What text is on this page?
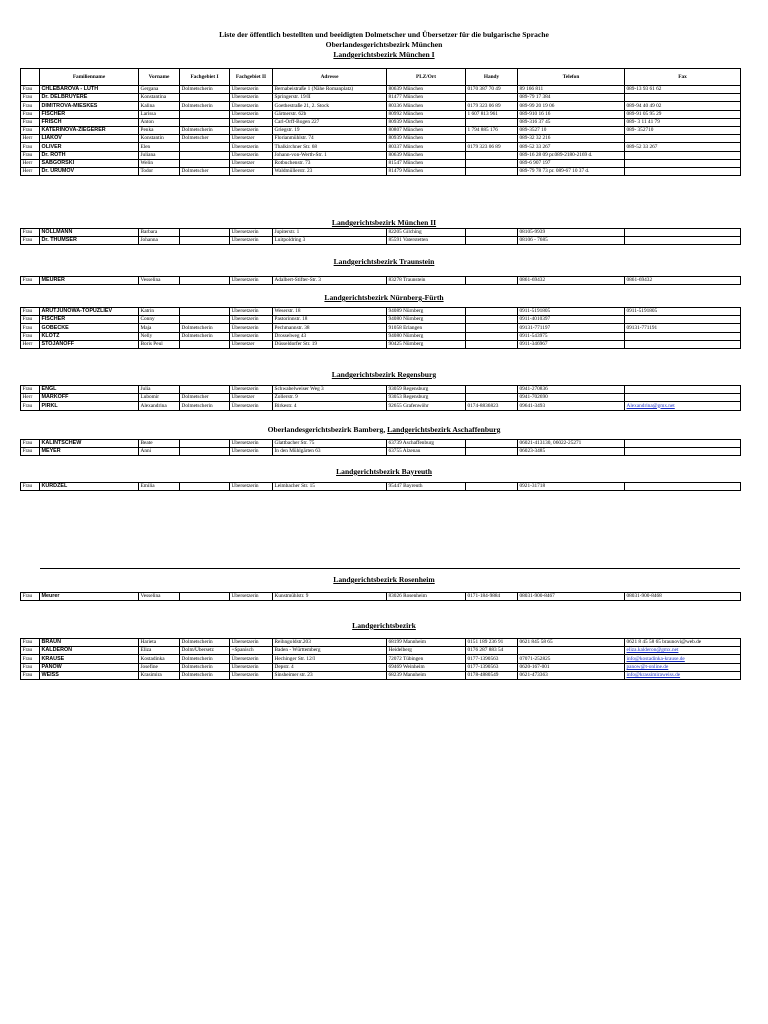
Liste der öffentlich bestellten und beeidigten Dolmetscher und Übersetzer für die bulgarische Sprache
Oberlandesgerichtsbezirk München
Landgerichtsbezirk München I
	Familienname	Vorname	Fachgebiet I	Fachgebiet II	Adresse	PLZ/Ort	Handy	Telefon	Fax
Frau	CHLEBAROVA - LUTH	Gergana	Dolmetscherin	Übersetzerin	Bernabeistraße 1 (Nähe Romanplatz)	80639 München	0170 387 70 49	89 166 811	089-13 93 61 62
Frau	Dr. DELBRUYERE	Konstantina		Übersetzerin	Springerstr. 19/II	81477 München		089-79 17 384	
Frau	DIMITROVA-MIESKES	Kalina	Dolmetscherin	Übersetzerin	Goethestraße 21, 2. Stock	80336 München	0179 323 06 89	089-99 20 19 06	089-94 40 49 02
Frau	FISCHER	Larissa		Übersetzerin	Gärtnerstr. 62b	80992 München	1 607 813 961	089-910 16 16	089-91 05 95 29
Frau	FRISCH	Anton		Übersetzer	Carl-Orff-Bogen 227	80939 München		089-316 37 45	089- 3 11 41 79
Frau	KATERINOVA-ZIEGERER	Penka	Dolmetscherin	Übersetzerin	Griegstr. 19	80807 München	1 794 885 176	089-3527 10	089- 352710
Herr	LIAKOV	Konstantin	Dolmetscher	Übersetzer	Florianmühlstr. 74	80939 München		089-32 32 216	
Frau	OLIVER	Elen		Übersetzerin	Thalkirchner Str. 68	80337 München	0179 323 06 89	089-52 33 267	089-52 33 267
Frau	Dr. ROTH	Juliana		Übersetzerin	Johann-von-Werth-Str. 1	80639 München		089-16 28 09 pr.089-2180-2169 d.	
Herr	SABGORSKI	Welin		Übersetzer	Rotbuchenstr. 73	81547 München		089-6 907 197	
Herr	Dr. URUMOV	Todor	Dolmetscher	Übersetzer	Waldmüllerstr. 23	81479 München		089-79 78 73 pr. 089-67 10 37 d.	
Landgerichtsbezirk München II
Frau	NOLLMANN	Barbara		Übersetzerin	Jupiterstr. 1	82205 Gilching		08105-9939	
Frau	Dr. THUMSER	Johanna		Übersetzerin	Luitpoldring 3	85591 Vaterstetten		08106 - 7685	
Landgerichtsbezirk Traunstein
Frau	MEURER	Vesselina		Übersetzerin	Adalbert-Stifter-Str. 3	83278 Traunstein		0861-69432	0861-69432
Landgerichtsbezirk Nürnberg-Fürth
Frau	ARUTJUNOWA-TOPUZLIEV	Katrin		Übersetzerin	Weserstr. 18	94089 Nürnberg		0911-5191805	0911-5191805
Frau	FISCHER	Conny		Übersetzerin	Pastorinnstr. 18	94080 Nürnberg		0911-4010397	
Frau	GOBECKE	Maja	Dolmetscherin	Übersetzerin	Pechmannstr. 38	91058 Erlangen		09131-771197	09131-771191
Frau	KLOTZ	Nelly	Dolmetscherin	Übersetzerin	Drosselweg 43	94080 Nürnberg		0911-543975	
Herr	STOJANOFF	Boris Peul		Übersetzer	Düsseldorfer Str. 19	90425 Nürnberg		0911-346967	
Landgerichtsbezirk Regensburg
Frau	ENGL	Julia		Übersetzerin	Schwabelweiser Weg 3	93059 Regensburg		0941-270836	
Herr	MARKOFF	Lubomir	Dolmetscher	Übersetzer	Zollerstr. 9	93053 Regensburg		0941-702690	
Frau	PIRKL	Alexandrina	Dolmetscherin	Übersetzerin	Birkestr. 4	92655 Grafenwöhr	0174-8836823	09641-3493	Alexandrina@gmx.net
Oberlandesgerichtsbezirk Bamberg, Landgerichtsbezirk Aschaffenburg
Frau	KALINTSCHEW	Beate		Übersetzerin	Glattbacher Str. 75	63739 Aschaffenburg		06021-413130, 06022-25271	
Frau	MEYER	Anni		Übersetzerin	In den Mühlgärten 63	63755 Alzenau		06023-3485	
Landgerichtsbezirk Bayreuth
Frau	KURDZEL	Emilia		Übersetzerin	Leimbacher Str. 15	95447 Bayreuth		0921-31718	
Landgerichtsbezirk Rosenheim
Frau	Meurer	Vesselina		Übersetzerin	Kunstmühlstr. 9	83026 Rosenheim	0171-184-9884	08031-900-8467	08031-900-8468
Landgerichtsbezirk
Frau	BRAUN	Harieta	Dolmetscherin	Übersetzerin	Reihngoldstr.203	68199 Mannheim	0151 189 236 91	0621 845 58 65	0621 8 45 58 65 braunovi@web.de
Frau	KALDERON	Eliza	Dolm/Übersetz	+Spanisch	Baden - Württemberg	Heidelberg	0176 287 883 54		eliza.kalderon@gmx.net
Frau	KRAUSE	Kostadinka	Dolmetscherin	Übersetzerin	Hechinger Str. 12/I	72072 Tübingen	0177-1390563	07071-252825	info@kostadinka-krause.de
Frau	PANOW	Josefine	Dolmetscherin	Übersetzerin	Depstr. 4	69469 Weinheim	0177-1390563	0620-167-001	panow@t-online.de
Frau	WEISS	Krasimira	Dolmetscherin	Übersetzerin	Sinsheimer str. 23	68239 Mannheim	0178-4880549	0621-473363	info@krassimiraweiss.de
